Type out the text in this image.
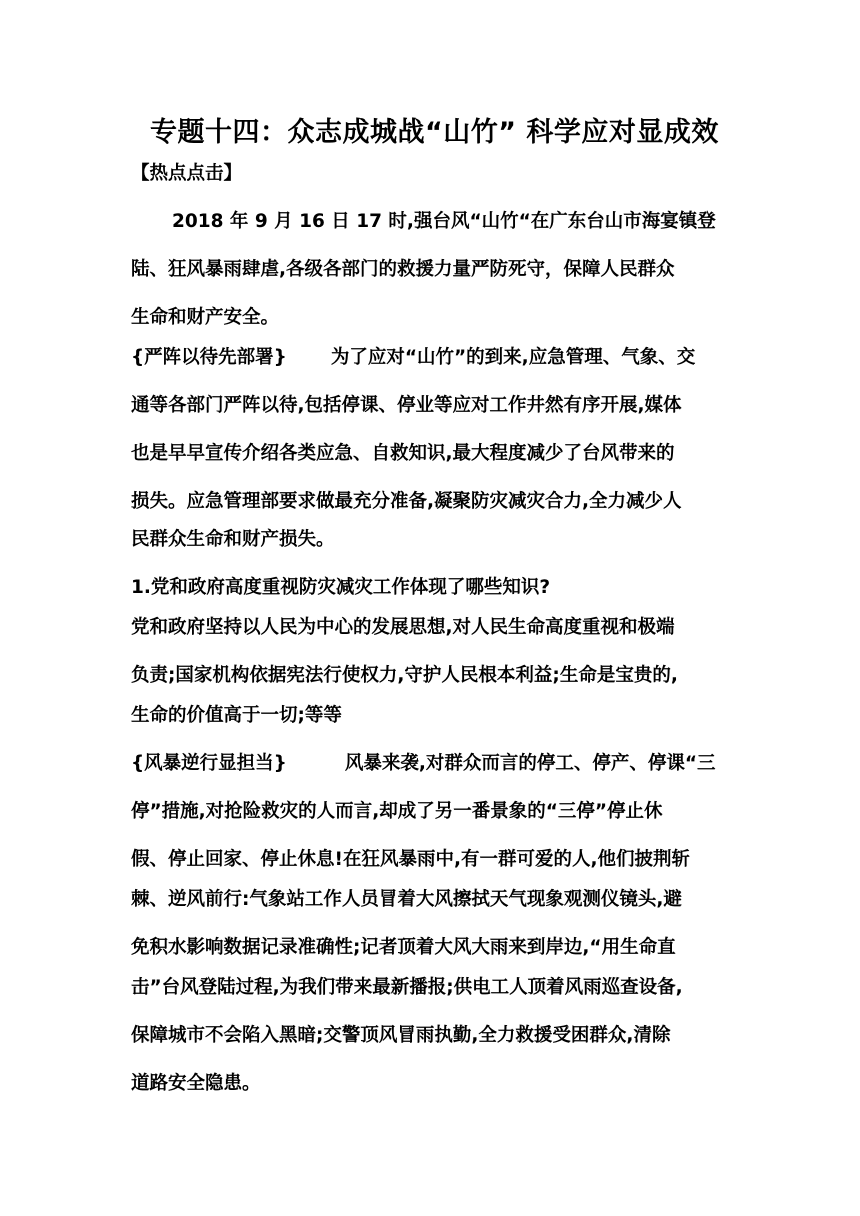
专题十四：众志成城战“山竹” 科学应对显成效
【热点点击】
2018 年 9 月 16 日 17 时,强台风“山竹“在广东台山市海宴镇登
陆、狂风暴雨肆虐,各级各部门的救援力量严防死守，保障人民群众
生命和财产安全。
{严阵以待先部署} 为了应对“山竹”的到来,应急管理、气象、交
通等各部门严阵以待,包括停课、停业等应对工作井然有序开展,媒体
也是早早宣传介绍各类应急、自救知识,最大程度减少了台风带来的
损失。应急管理部要求做最充分准备,凝聚防灾减灾合力,全力减少人
民群众生命和财产损失。
1.党和政府高度重视防灾减灾工作体现了哪些知识?
党和政府坚持以人民为中心的发展思想,对人民生命高度重视和极端
负责;国家机构依据宪法行使权力,守护人民根本利益;生命是宝贵的,
生命的价值高于一切;等等
{风暴逆行显担当}	风暴来袭,对群众而言的停工、停产、停课“三
停”措施,对抢险救灾的人而言,却成了另一番景象的“三停”停止休
假、停止回家、停止休息!在狂风暴雨中,有一群可爱的人,他们披荆斩
棘、逆风前行:气象站工作人员冒着大风擦拭天气现象观测仪镜头,避
免积水影响数据记录准确性;记者顶着大风大雨来到岸边,“用生命直
击”台风登陆过程,为我们带来最新播报;供电工人顶着风雨巡查设备,
保障城市不会陷入黑暗;交警顶风冒雨执勤,全力救援受困群众,清除
道路安全隐患。
